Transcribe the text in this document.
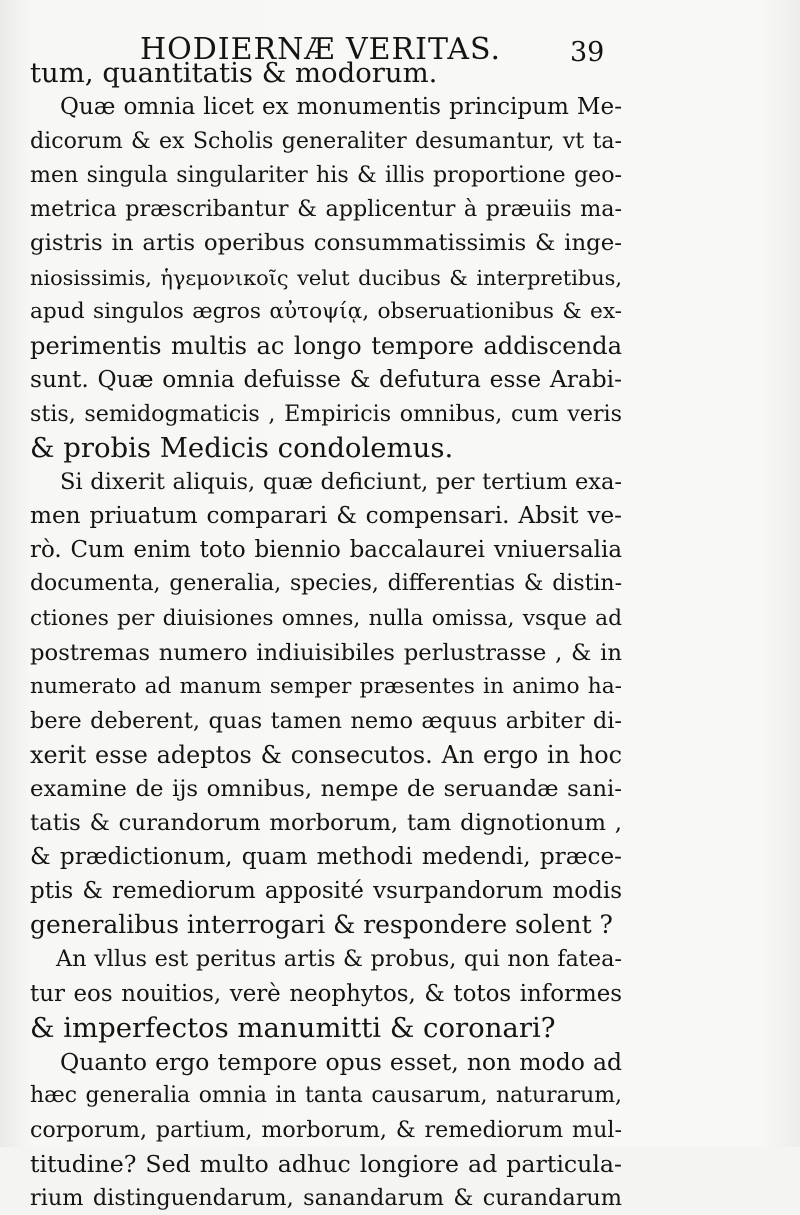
HODIERNÆ VERITAS.	39
tum, quantitatis & modorum.
Quæ omnia licet ex monumentis principum Me-
dicorum & ex Scholis generaliter desumantur, vt ta-
men singula singulariter his & illis proportione geo-
metrica præscribantur & applicentur à præuiis ma-
gistris in artis operibus consummatissimis & inge-
niosissimis, ἡγεμονικοῖς velut ducibus & interpretibus,
apud singulos ægros αὐτοψίᾳ, obseruationibus & ex-
perimentis multis ac longo tempore addiscenda
sunt. Quæ omnia defuisse & defutura esse Arabi-
stis, semidogmaticis , Empiricis omnibus, cum veris
& probis Medicis condolemus.
Si dixerit aliquis, quæ deficiunt, per tertium exa-
men priuatum comparari & compensari. Absit ve-
rò. Cum enim toto biennio baccalaurei vniuersalia
documenta, generalia, species, differentias & distin-
ctiones per diuisiones omnes, nulla omissa, vsque ad
postremas numero indiuisibiles perlustrasse , & in
numerato ad manum semper præsentes in animo ha-
bere deberent, quas tamen nemo æquus arbiter di-
xerit esse adeptos & consecutos. An ergo in hoc
examine de ijs omnibus, nempe de seruandæ sani-
tatis & curandorum morborum, tam dignotionum ,
& prædictionum, quam methodi medendi, præce-
ptis & remediorum apposité vsurpandorum modis
generalibus interrogari & respondere solent ?
An vllus est peritus artis & probus, qui non fatea-
tur eos nouitios, verè neophytos, & totos informes
& imperfectos manumitti & coronari?
Quanto ergo tempore opus esset, non modo ad
hæc generalia omnia in tanta causarum, naturarum,
corporum, partium, morborum, & remediorum mul-
titudine? Sed multo adhuc longiore ad particula-
rium distinguendarum, sanandarum & curandarum
